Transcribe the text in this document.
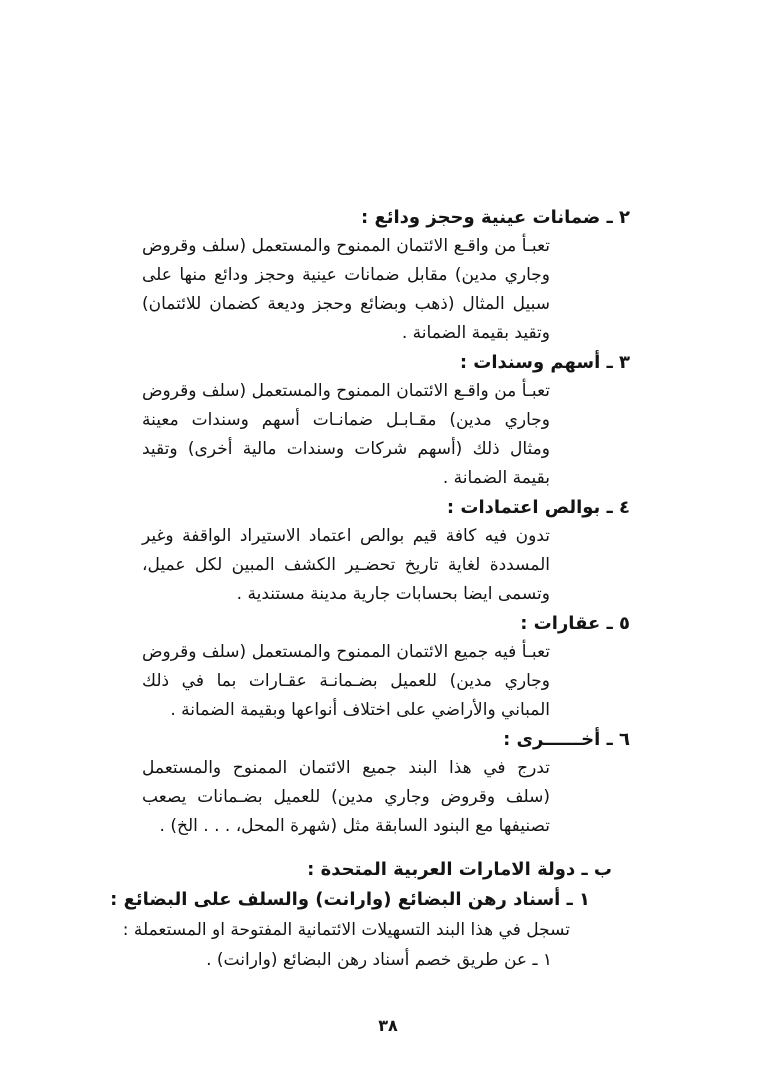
٢ ـ ضمانات عينية وحجز ودائع :

تعبـأ من واقـع الائتمان الممنوح والمستعمل (سلف وقروض وجاري مدين) مقابل ضمانات عينية وحجز ودائع منها على سبيل المثال (ذهب وبضائع وحجز وديعة كضمان للائتمان) وتقيد بقيمة الضمانة .

٣ ـ أسهم وسندات :

تعبـأ من واقـع الائتمان الممنوح والمستعمل (سلف وقروض وجاري مدين) مقـابـل ضمانـات أسهم وسندات معينة ومثال ذلك (أسهم شركات وسندات مالية أخرى) وتقيد بقيمة الضمانة .

٤ ـ بوالص اعتمادات :

تدون فيه كافة قيم بوالص اعتماد الاستيراد الواقفة وغير المسددة لغاية تاريخ تحضـير الكشف المبين لكل عميل، وتسمى ايضا بحسابات جارية مدينة مستندية .

٥ ـ عقارات :

تعبـأ فيه جميع الائتمان الممنوح والمستعمل (سلف وقروض وجاري مدين) للعميل بضـمانـة عقـارات بما في ذلك المباني والأراضي على اختلاف أنواعها وبقيمة الضمانة .

٦ ـ أخــــــرى :

تدرج في هذا البند جميع الائتمان الممنوح والمستعمل (سلف وقروض وجاري مدين) للعميل بضـمانات يصعب تصنيفها مع البنود السابقة مثل (شهرة المحل، . . . الخ) .

ب ـ دولة الامارات العربية المتحدة :

١ ـ أسناد رهن البضائع (وارانت) والسلف على البضائع :

تسجل في هذا البند التسهيلات الائتمانية المفتوحة او المستعملة :

١ ـ عن طريق خصم أسناد رهن البضائع (وارانت) .

٣٨
